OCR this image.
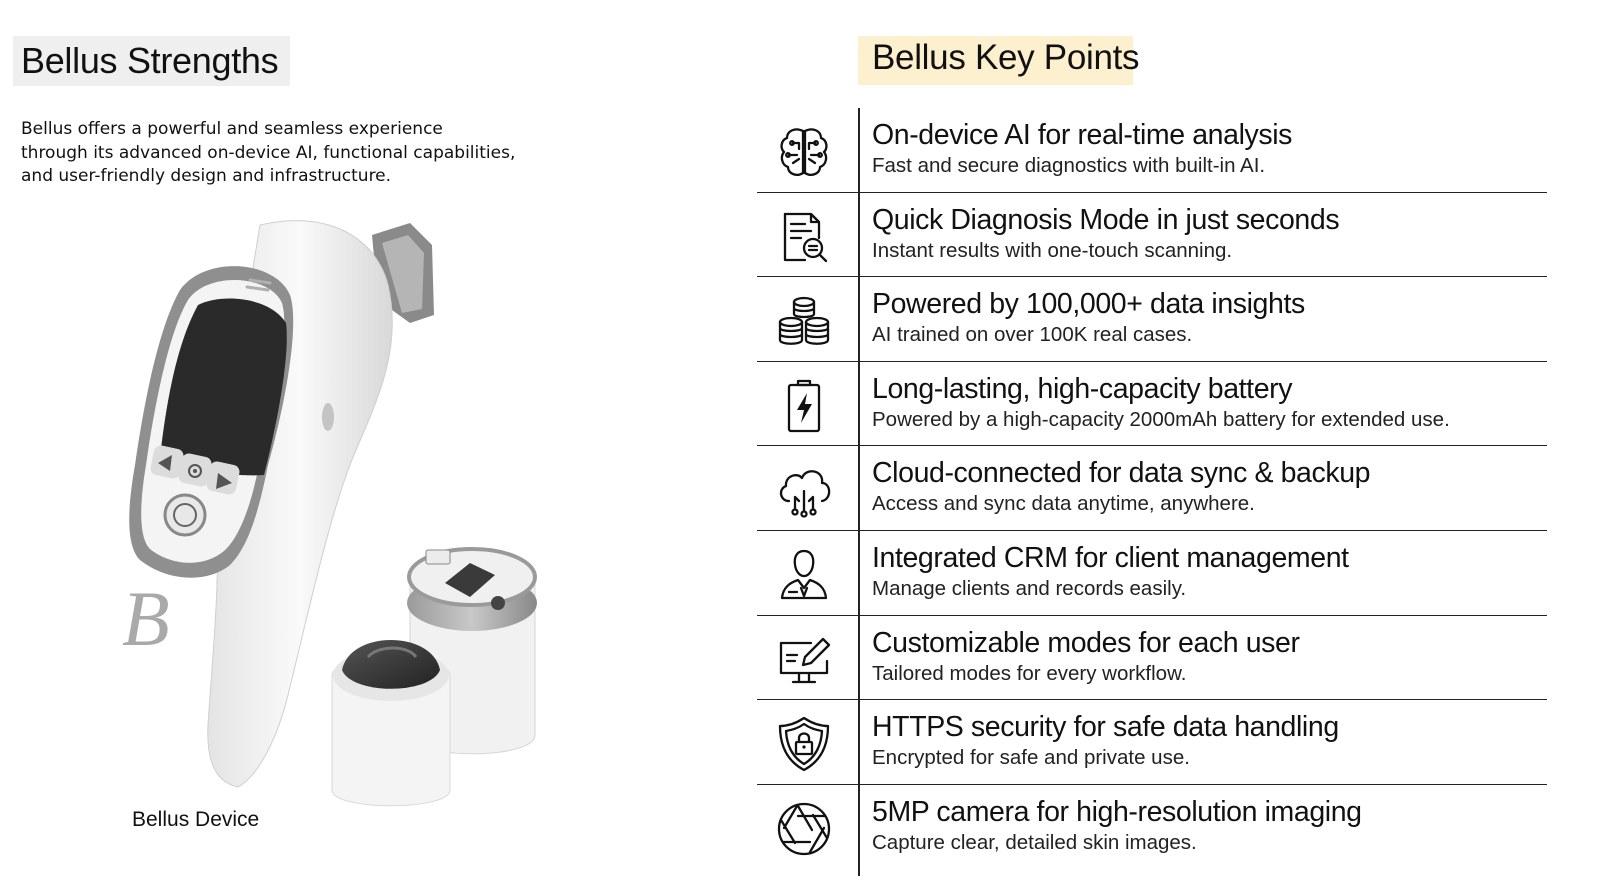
Bellus Strengths

Bellus offers a powerful and seamless experience
through its advanced on-device AI, functional capabilities,
and user-friendly design and infrastructure.

B
Bellus Device
Bellus Key Points
On-device AI for real-time analysis
Fast and secure diagnostics with built-in AI.
Quick Diagnosis Mode in just seconds
Instant results with one-touch scanning.
Powered by 100,000+ data insights
AI trained on over 100K real cases.
Long-lasting, high-capacity battery
Powered by a high-capacity 2000mAh battery for extended use.
Cloud-connected for data sync & backup
Access and sync data anytime, anywhere.
Integrated CRM for client management
Manage clients and records easily.
Customizable modes for each user
Tailored modes for every workflow.
HTTPS security for safe data handling
Encrypted for safe and private use.
5MP camera for high-resolution imaging
Capture clear, detailed skin images.
